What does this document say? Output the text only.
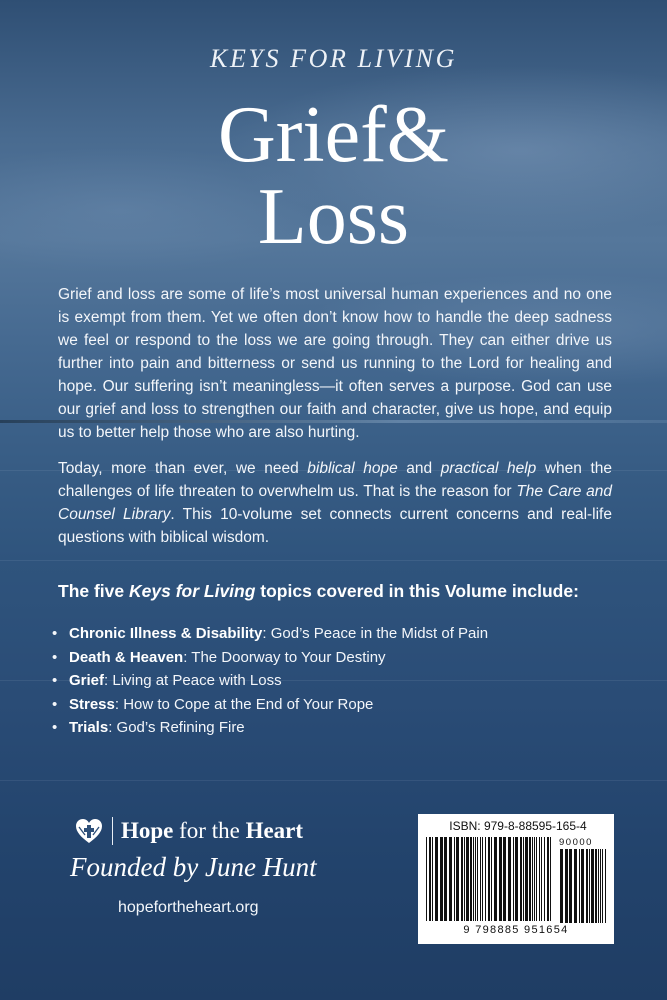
KEYS FOR LIVING

Grief&
Loss

Grief and loss are some of life’s most universal human experiences and no one is exempt from them. Yet we often don’t know how to handle the deep sadness we feel or respond to the loss we are going through. They can either drive us further into pain and bitterness or send us running to the Lord for healing and hope. Our suffering isn’t meaningless—it often serves a purpose. God can use our grief and loss to strengthen our faith and character, give us hope, and equip us to better help those who are also hurting.

Today, more than ever, we need biblical hope and practical help when the challenges of life threaten to overwhelm us. That is the reason for The Care and Counsel Library. This 10-volume set connects current concerns and real-life questions with biblical wisdom.

The five Keys for Living topics covered in this Volume include:

• Chronic Illness & Disability: God’s Peace in the Midst of Pain
• Death & Heaven: The Doorway to Your Destiny
• Grief: Living at Peace with Loss
• Stress: How to Cope at the End of Your Rope
• Trials: God’s Refining Fire
Hope for the Heart
Founded by June Hunt
hopefortheheart.org
ISBN: 979-8-88595-165-4
90000
9 798885 951654
